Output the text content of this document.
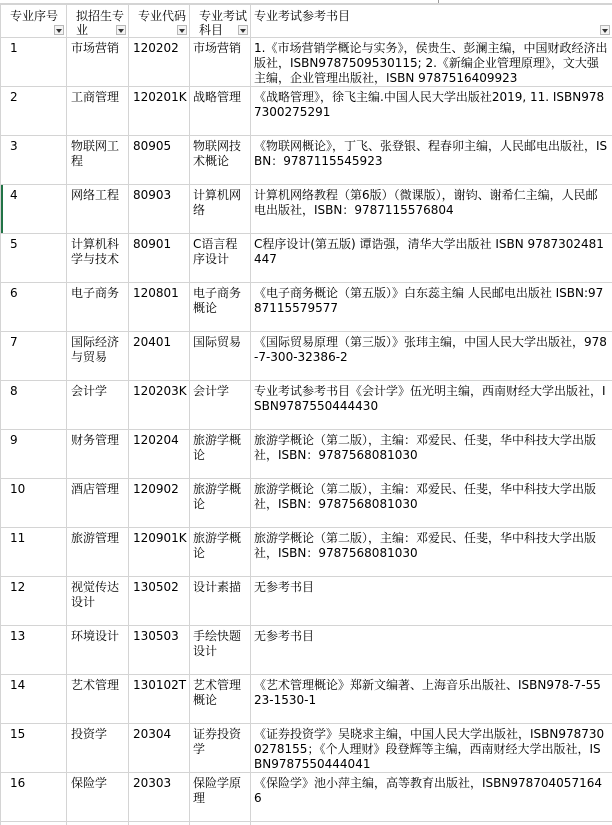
专业序号	拟招生专业	专业代码	专业考试科目	专业考试参考书目

1	市场营销	120202	市场营销	1.《市场营销学概论与实务》，侯贵生、彭澜主编，中国财政经济出版社，ISBN9787509530115; 2.《新编企业管理原理》，文大强主编，企业管理出版社，ISBN 9787516409923

2	工商管理	120201K	战略管理	《战略管理》，徐飞主编.中国人民大学出版社2019, 11. ISBN9787300275291

3	物联网工程	80905	物联网技术概论	《物联网概论》，丁飞、张登银、程春卯主编，人民邮电出版社，ISBN：9787115545923

4	网络工程	80903	计算机网络	计算机网络教程（第6版）（微课版），谢钧、谢希仁主编，人民邮电出版社，ISBN：9787115576804

5	计算机科学与技术	80901	C语言程序设计	C程序设计(第五版) 谭诰强，清华大学出版社 ISBN 9787302481447

6	电子商务	120801	电子商务概论	《电子商务概论（第五版）》白东蕊主编 人民邮电出版社 ISBN:9787115579577

7	国际经济与贸易	20401	国际贸易	《国际贸易原理（第三版）》张玮主编，中国人民大学出版社，978-7-300-32386-2

8	会计学	120203K	会计学	专业考试参考书目《会计学》伍光明主编，西南财经大学出版社，ISBN9787550444430

9	财务管理	120204	旅游学概论	旅游学概论（第二版），主编：邓爱民、任斐，华中科技大学出版社，ISBN：9787568081030

10	酒店管理	120902	旅游学概论	旅游学概论（第二版），主编：邓爱民、任斐，华中科技大学出版社，ISBN：9787568081030

11	旅游管理	120901K	旅游学概论	旅游学概论（第二版），主编：邓爱民、任斐，华中科技大学出版社，ISBN：9787568081030

12	视觉传达设计	130502	设计素描	无参考书目

13	环境设计	130503	手绘快题设计	无参考书目

14	艺术管理	130102T	艺术管理概论	《艺术管理概论》郑新文编著、上海音乐出版社、ISBN978-7-5523-1530-1

15	投资学	20304	证券投资学	《证券投资学》吴晓求主编，中国人民大学出版社，ISBN9787300278155；《个人理财》段登辉等主编，西南财经大学出版社，ISBN9787550444041

16	保险学	20303	保险学原理	《保险学》池小萍主编，高等教育出版社，ISBN9787040571646
